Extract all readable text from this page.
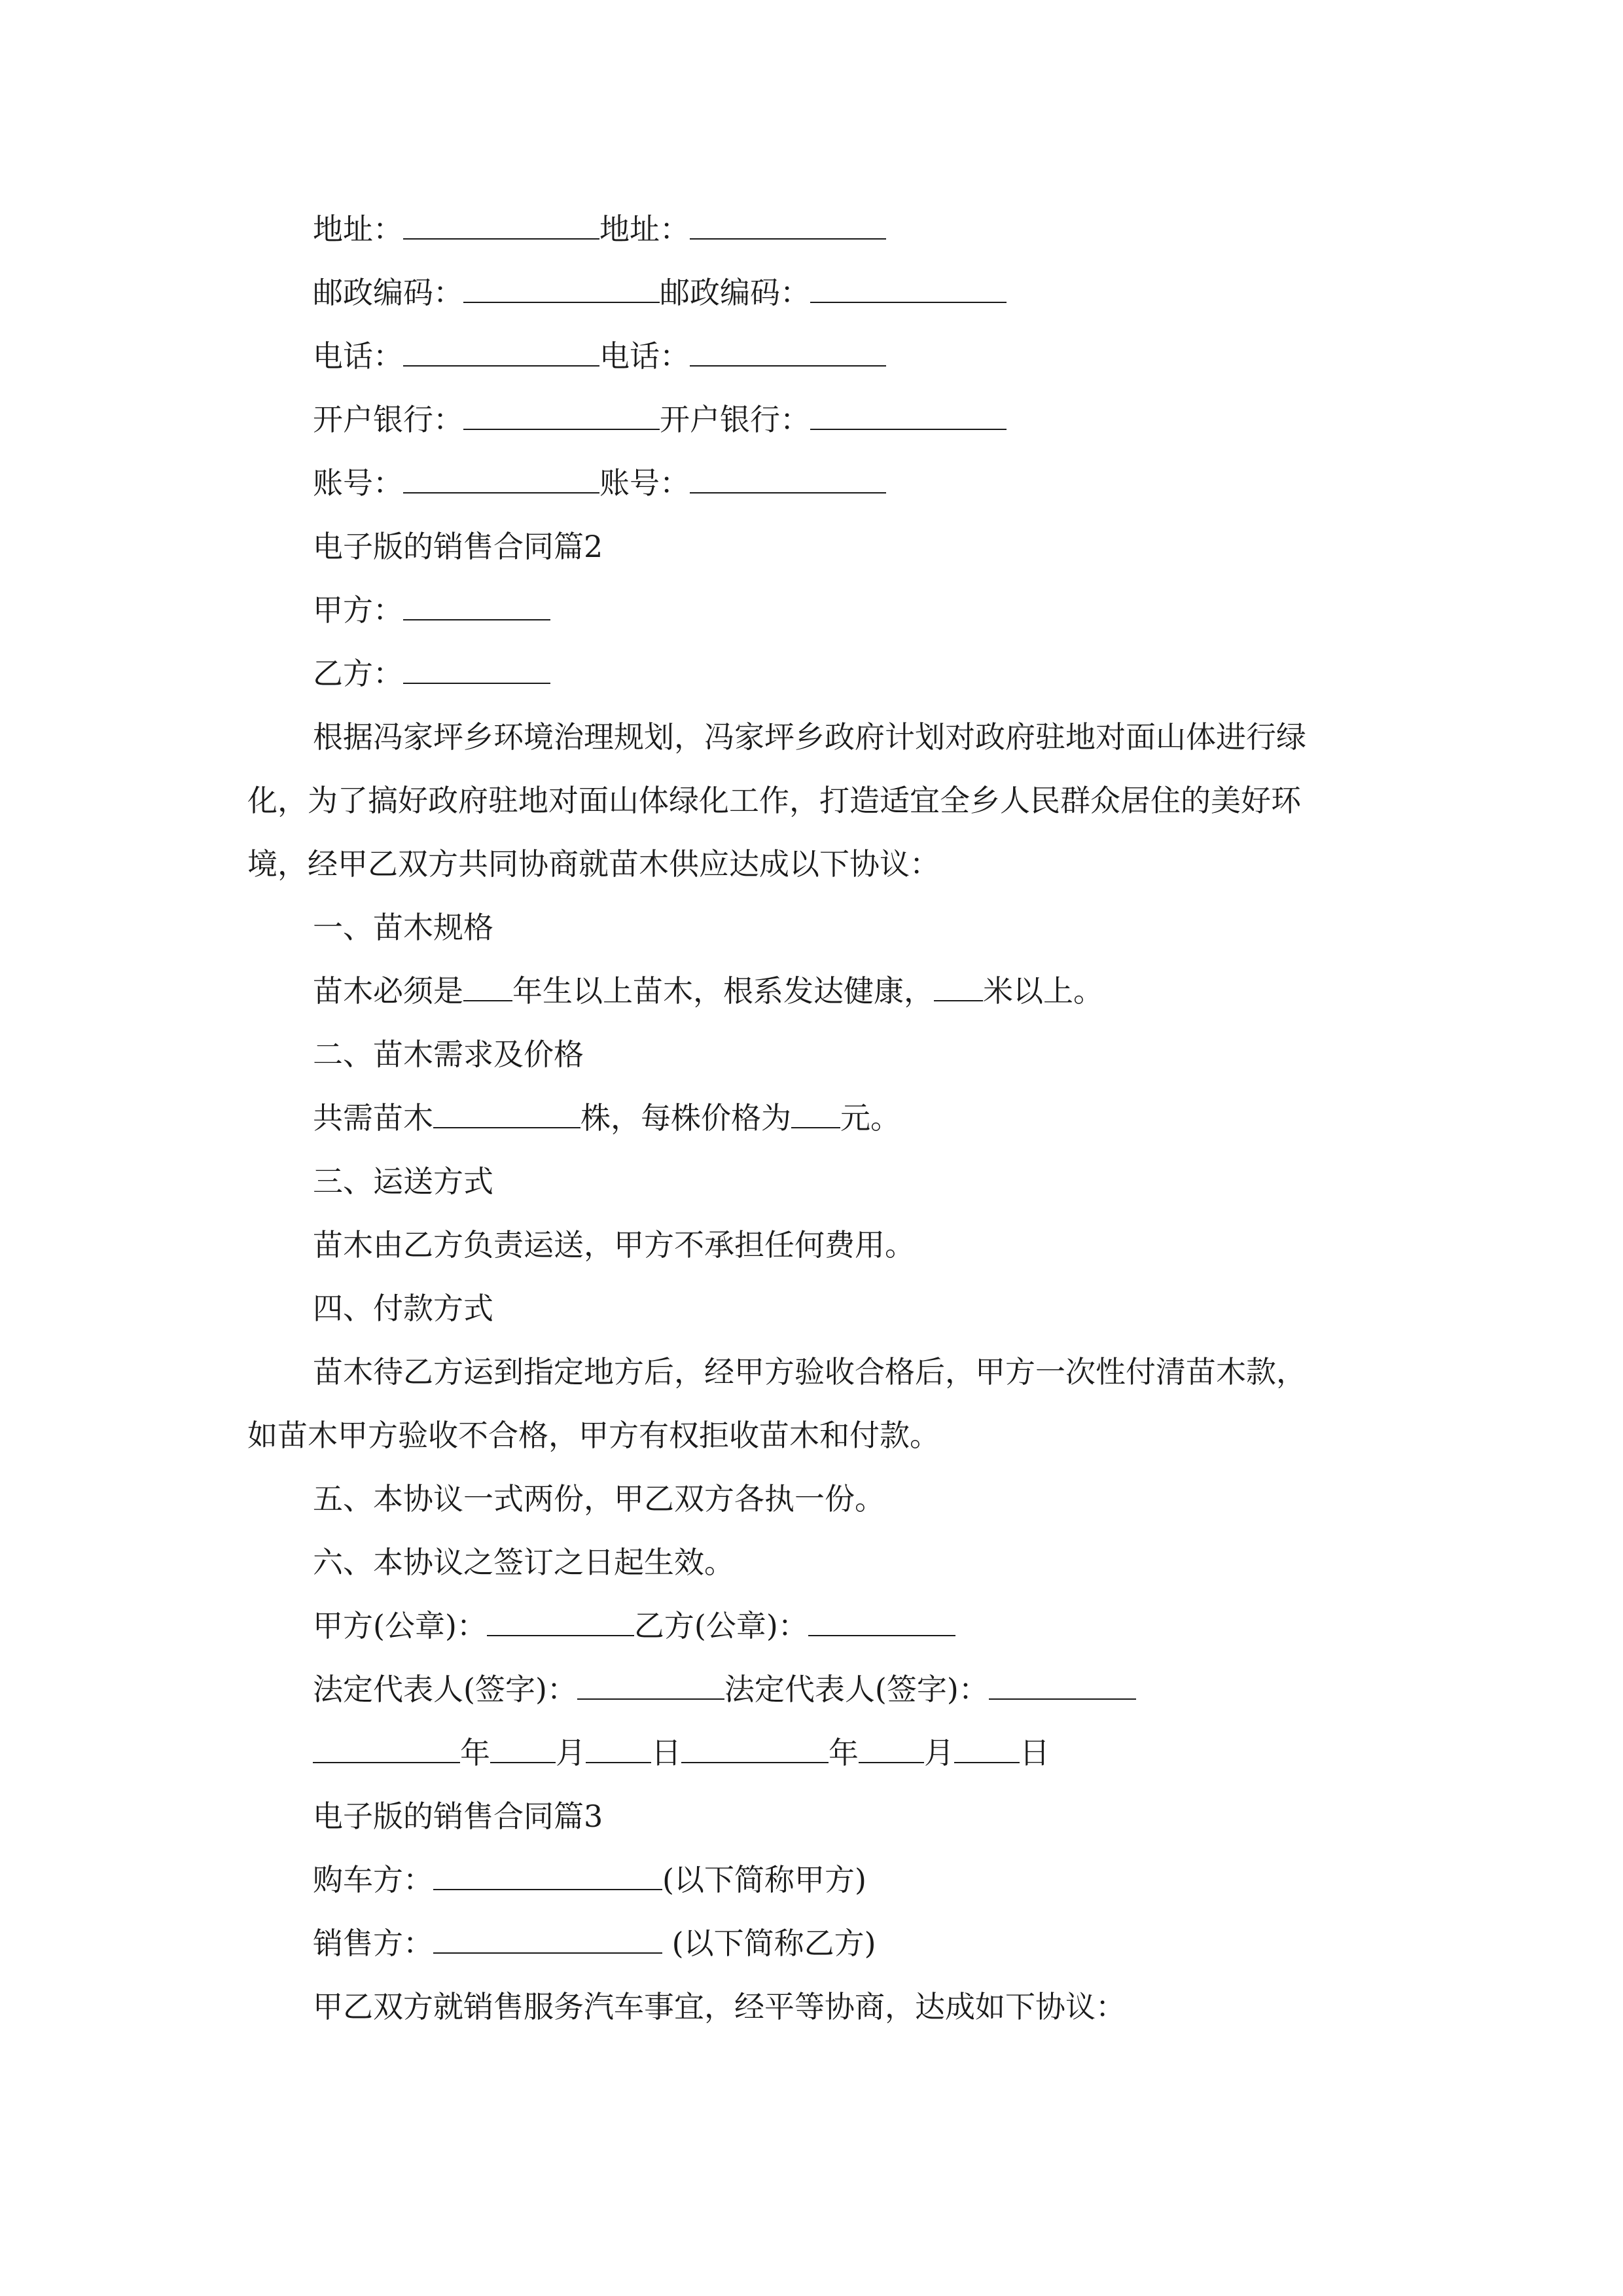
地址：	地址：
邮政编码：	邮政编码：
电话：	电话：
开户银行：	开户银行：
账号：	账号：
电子版的销售合同篇2
甲方：
乙方：
根据冯家坪乡环境治理规划，冯家坪乡政府计划对政府驻地对面山体进行绿
化，为了搞好政府驻地对面山体绿化工作，打造适宜全乡人民群众居住的美好环
境，经甲乙双方共同协商就苗木供应达成以下协议：
一、苗木规格
苗木必须是 年生以上苗木，根系发达健康， 米以上。
二、苗木需求及价格
共需苗木	株，每株价格为 元。
三、运送方式
苗木由乙方负责运送，甲方不承担任何费用。
四、付款方式
苗木待乙方运到指定地方后，经甲方验收合格后，甲方一次性付清苗木款，
如苗木甲方验收不合格，甲方有权拒收苗木和付款。
五、本协议一式两份，甲乙双方各执一份。
六、本协议之签订之日起生效。
甲方(公章)：	乙方(公章)：
法定代表人(签字)：	法定代表人(签字)：
年 月 日	年 月 日
电子版的销售合同篇3
购车方：	(以下简称甲方)
销售方：	(以下简称乙方)
甲乙双方就销售服务汽车事宜，经平等协商，达成如下协议：
